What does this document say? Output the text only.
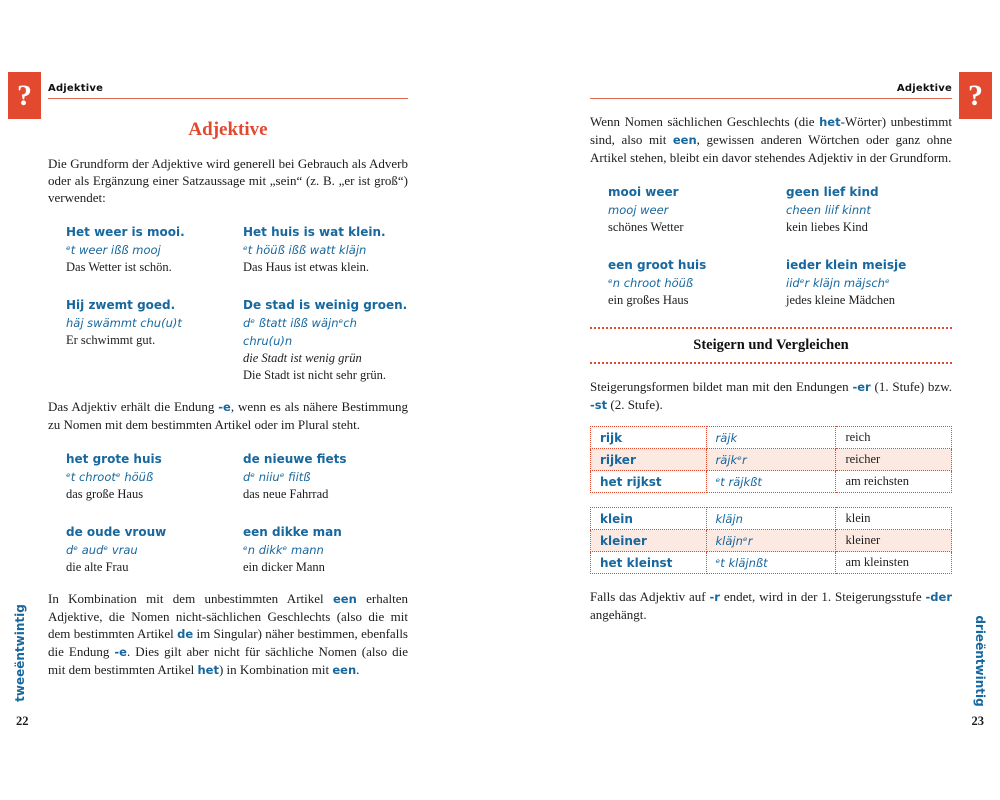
?	?
tweeëntwintig	drieëntwintig
22	23
Adjektive
Adjektive

Die Grundform der Adjektive wird generell bei Gebrauch als Adverb oder als Ergänzung einer Satzaussage mit „sein“ (z. B. „er ist groß“) verwendet:

Het weer is mooi.
ᵉt weer ißß mooj
Das Wetter ist schön.
Het huis is wat klein.
ᵉt höüß ißß watt kläjn
Das Haus ist etwas klein.
Hij zwemt goed.
häj swämmt chu(u)t
Er schwimmt gut.
De stad is weinig groen.
dᵉ ßtatt ißß wäjnᵉch chru(u)n
die Stadt ist wenig grün
Die Stadt ist nicht sehr grün.

Das Adjektiv erhält die Endung -e, wenn es als nähere Bestimmung zu Nomen mit dem bestimmten Artikel oder im Plural steht.

het grote huis
ᵉt chrootᵉ höüß
das große Haus
de nieuwe fiets
dᵉ niiuᵉ fiitß
das neue Fahrrad
de oude vrouw
dᵉ audᵉ vrau
die alte Frau
een dikke man
ᵉn dikkᵉ mann
ein dicker Mann

In Kombination mit dem unbestimmten Artikel een erhalten Adjektive, die Nomen nicht-sächlichen Geschlechts (also die mit dem bestimmten Artikel de im Singular) näher bestimmen, ebenfalls die Endung -e. Dies gilt aber nicht für sächliche Nomen (also die mit dem bestimmten Artikel het) in Kombination mit een.

Adjektive

Wenn Nomen sächlichen Geschlechts (die het-Wörter) unbestimmt sind, also mit een, gewissen anderen Wörtchen oder ganz ohne Artikel stehen, bleibt ein davor stehendes Adjektiv in der Grundform.

mooi weer
mooj weer
schönes Wetter
geen lief kind
cheen liif kinnt
kein liebes Kind
een groot huis
ᵉn chroot höüß
ein großes Haus
ieder klein meisje
iidᵉr kläjn mäjschᵉ
jedes kleine Mädchen
Steigern und Vergleichen

Steigerungsformen bildet man mit den Endungen -er (1. Stufe) bzw. -st (2. Stufe).

rijk	räjk	reich
rijker	räjkᵉr	reicher
het rijkst	ᵉt räjkßt	am reichsten
klein	kläjn	klein
kleiner	kläjnᵉr	kleiner
het kleinst	ᵉt kläjnßt	am kleinsten

Falls das Adjektiv auf -r endet, wird in der 1. Steigerungsstufe -der angehängt.
